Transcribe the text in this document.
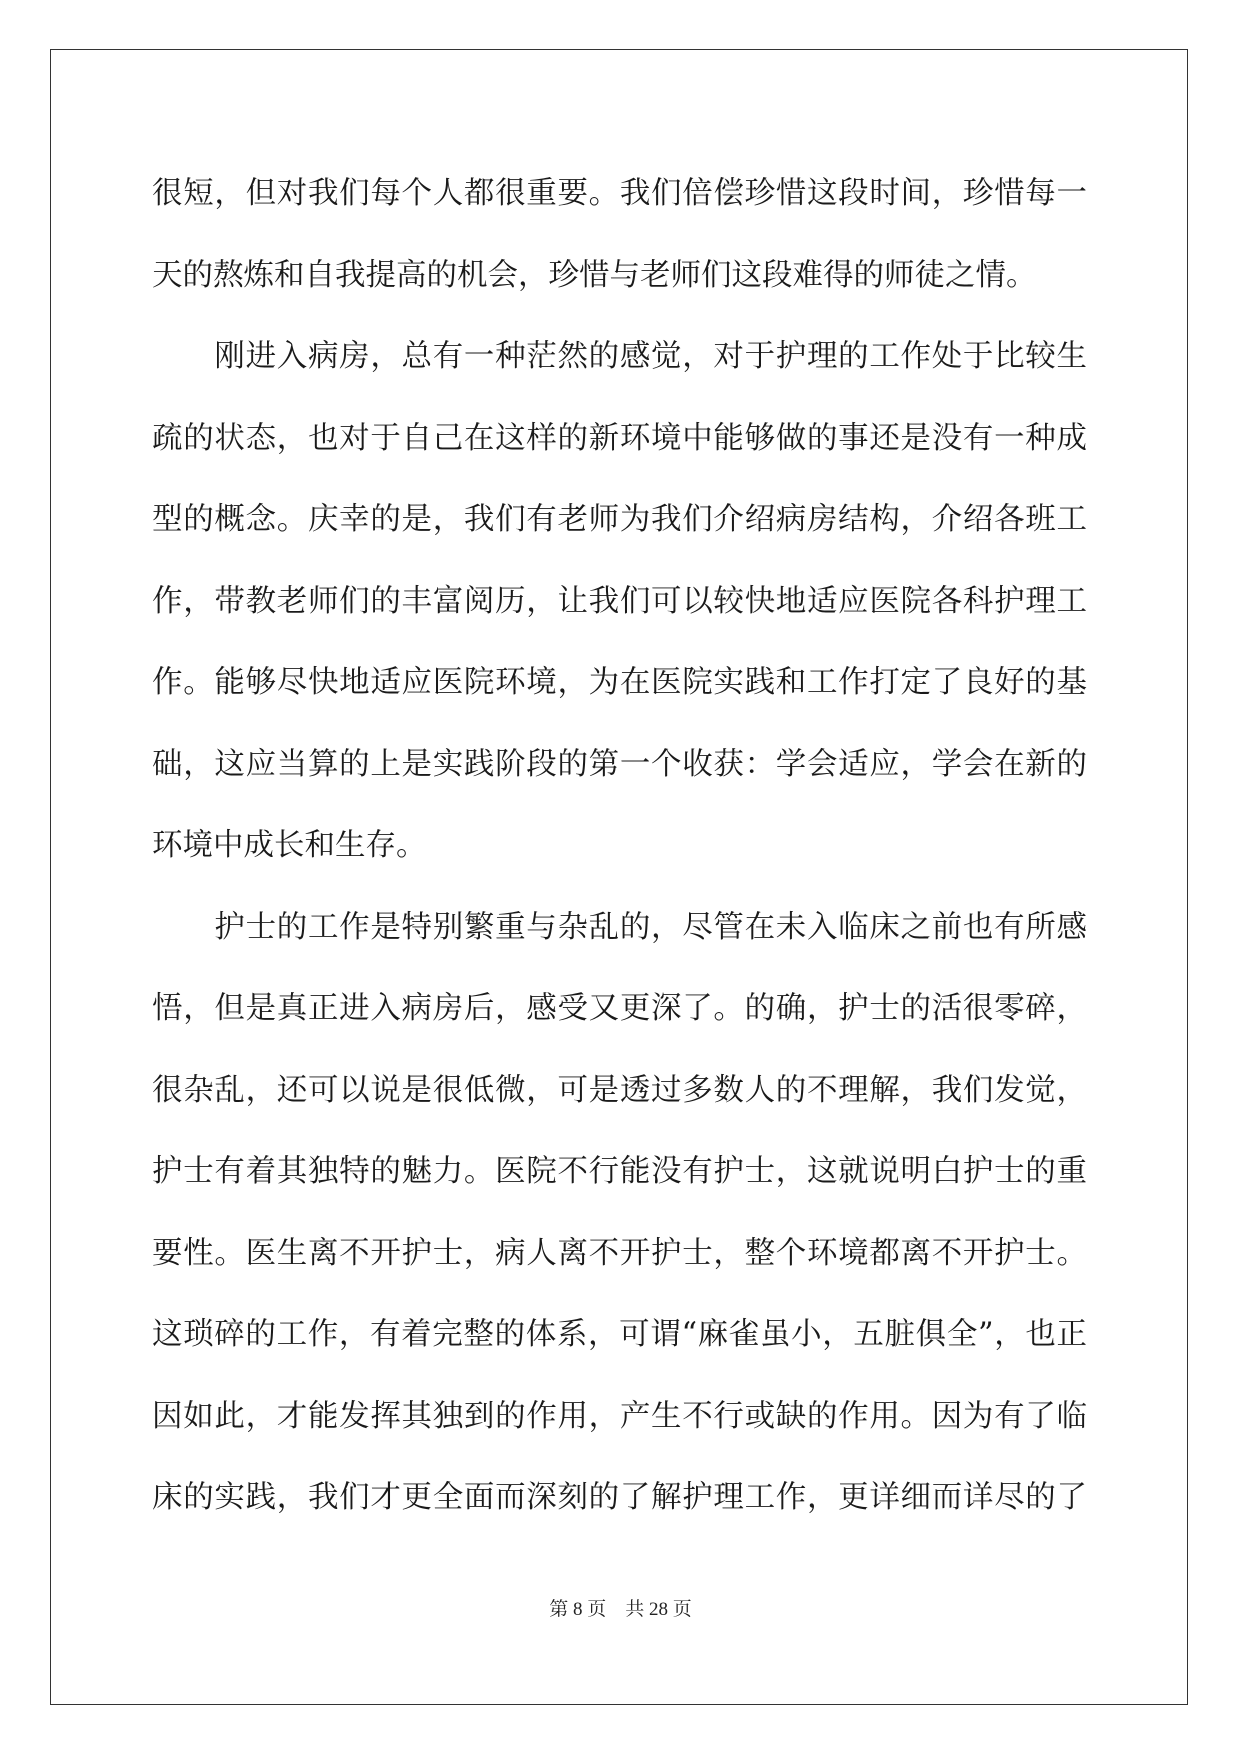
很短，但对我们每个人都很重要。我们倍偿珍惜这段时间，珍惜每一
天的熬炼和自我提高的机会，珍惜与老师们这段难得的师徒之情。
　　刚进入病房，总有一种茫然的感觉，对于护理的工作处于比较生
疏的状态，也对于自己在这样的新环境中能够做的事还是没有一种成
型的概念。庆幸的是，我们有老师为我们介绍病房结构，介绍各班工
作，带教老师们的丰富阅历，让我们可以较快地适应医院各科护理工
作。能够尽快地适应医院环境，为在医院实践和工作打定了良好的基
础，这应当算的上是实践阶段的第一个收获：学会适应，学会在新的
环境中成长和生存。
　　护士的工作是特别繁重与杂乱的，尽管在未入临床之前也有所感
悟，但是真正进入病房后，感受又更深了。的确，护士的活很零碎，
很杂乱，还可以说是很低微，可是透过多数人的不理解，我们发觉，
护士有着其独特的魅力。医院不行能没有护士，这就说明白护士的重
要性。医生离不开护士，病人离不开护士，整个环境都离不开护士。
这琐碎的工作，有着完整的体系，可谓“麻雀虽小，五脏俱全”，也正
因如此，才能发挥其独到的作用，产生不行或缺的作用。因为有了临
床的实践，我们才更全面而深刻的了解护理工作，更详细而详尽的了
第 8 页　共 28 页
